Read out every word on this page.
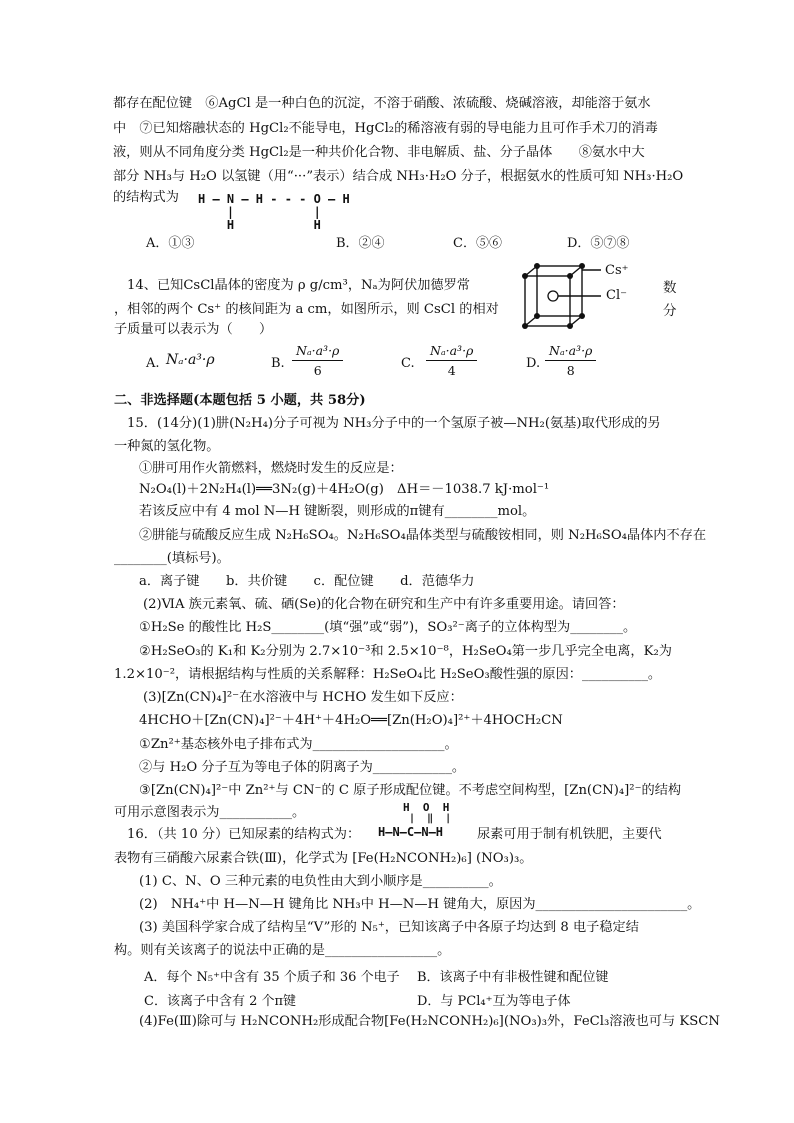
都存在配位键　⑥AgCl 是一种白色的沉淀，不溶于硝酸、浓硫酸、烧碱溶液，却能溶于氨水
中　⑦已知熔融状态的 HgCl₂不能导电，HgCl₂的稀溶液有弱的导电能力且可作手术刀的消毒
液，则从不同角度分类 HgCl₂是一种共价化合物、非电解质、盐、分子晶体　　⑧氨水中大
部分 NH₃与 H₂O 以氢键（用“···”表示）结合成 NH₃·H₂O 分子，根据氨水的性质可知 NH₃·H₂O
的结构式为 H — N — H - - - O — H
|           |
H           H
A．①③	B．②④	C．⑤⑥	D．⑤⑦⑧
14、已知CsCl晶体的密度为 ρ g/cm³，Nₐ为阿伏加德罗常	数
，相邻的两个 Cs⁺ 的核间距为 a cm，如图所示，则 CsCl 的相对	分
子质量可以表示为（　　）
Cs⁺
Cl⁻
A. Nₐ·a³·ρ	B. $\frac{\text{Nₐ·a³·ρ}}{6}$	C. $\frac{\text{Nₐ·a³·ρ}}{4}$	D. $\frac{\text{Nₐ·a³·ρ}}{8}$
二、非选择题(本题包括 5 小题，共 58分)
15．(14分)(1)肼(N₂H₄)分子可视为 NH₃分子中的一个氢原子被—NH₂(氨基)取代形成的另
一种氮的氢化物。
①肼可用作火箭燃料，燃烧时发生的反应是：
N₂O₄(l)＋2N₂H₄(l)══3N₂(g)＋4H₂O(g)　ΔH＝－1038.7 kJ·mol⁻¹
若该反应中有 4 mol N—H 键断裂，则形成的π键有________mol。
②肼能与硫酸反应生成 N₂H₆SO₄。N₂H₆SO₄晶体类型与硫酸铵相同，则 N₂H₆SO₄晶体内不存在
________(填标号)。
a．离子键　　b．共价键　　c．配位键　　d．范德华力
(2)ⅥA 族元素氧、硫、硒(Se)的化合物在研究和生产中有许多重要用途。请回答：
①H₂Se 的酸性比 H₂S________(填“强”或“弱”)，SO₃²⁻离子的立体构型为________。
②H₂SeO₃的 K₁和 K₂分别为 2.7×10⁻³和 2.5×10⁻⁸，H₂SeO₄第一步几乎完全电离，K₂为
1.2×10⁻²，请根据结构与性质的关系解释：H₂SeO₄比 H₂SeO₃酸性强的原因：__________。
(3)[Zn(CN)₄]²⁻在水溶液中与 HCHO 发生如下反应：
4HCHO＋[Zn(CN)₄]²⁻＋4H⁺＋4H₂O══[Zn(H₂O)₄]²⁺＋4HOCH₂CN
①Zn²⁺基态核外电子排布式为____________________。
②与 H₂O 分子互为等电子体的阴离子为____________。
③[Zn(CN)₄]²⁻中 Zn²⁺与 CN⁻的 C 原子形成配位键。不考虑空间构型，[Zn(CN)₄]²⁻的结构
可用示意图表示为___________。
16．（共 10 分）已知尿素的结构式为：
H  O  H
|  ‖  |
H–N–C–N–H	尿素可用于制有机铁肥，主要代
表物有三硝酸六尿素合铁(Ⅲ)，化学式为 [Fe(H₂NCONH₂)₆] (NO₃)₃。
(1) C、N、O 三种元素的电负性由大到小顺序是__________。
(2)　NH₄⁺中 H—N—H 键角比 NH₃中 H—N—H 键角大，原因为_______________________。
(3) 美国科学家合成了结构呈“V”形的 N₅⁺，已知该离子中各原子均达到 8 电子稳定结
构。则有关该离子的说法中正确的是_________________。
A．每个 N₅⁺中含有 35 个质子和 36 个电子 B．该离子中有非极性键和配位键
C．该离子中含有 2 个π键	D．与 PCl₄⁺互为等电子体
(4)Fe(Ⅲ)除可与 H₂NCONH₂形成配合物[Fe(H₂NCONH₂)₆](NO₃)₃外，FeCl₃溶液也可与 KSCN
